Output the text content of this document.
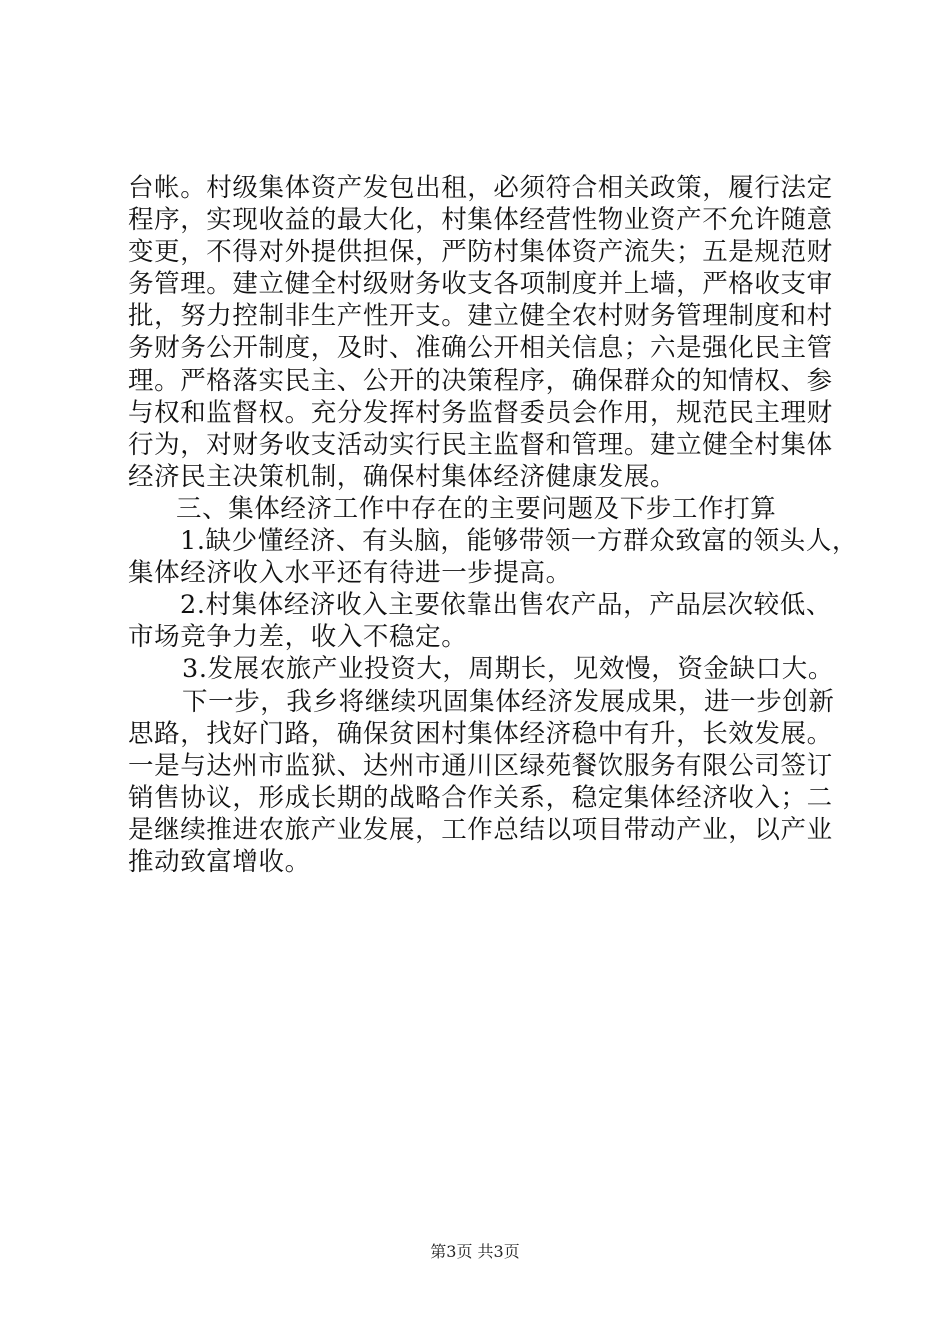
台帐。村级集体资产发包出租，必须符合相关政策，履行法定
程序，实现收益的最大化，村集体经营性物业资产不允许随意
变更，不得对外提供担保，严防村集体资产流失；五是规范财
务管理。建立健全村级财务收支各项制度并上墙，严格收支审
批，努力控制非生产性开支。建立健全农村财务管理制度和村
务财务公开制度，及时、准确公开相关信息；六是强化民主管
理。严格落实民主、公开的决策程序，确保群众的知情权、参
与权和监督权。充分发挥村务监督委员会作用，规范民主理财
行为，对财务收支活动实行民主监督和管理。建立健全村集体
经济民主决策机制，确保村集体经济健康发展。
三、集体经济工作中存在的主要问题及下步工作打算
1.缺少懂经济、有头脑，能够带领一方群众致富的领头人，
集体经济收入水平还有待进一步提高。
2.村集体经济收入主要依靠出售农产品，产品层次较低、
市场竞争力差，收入不稳定。
3.发展农旅产业投资大，周期长，见效慢，资金缺口大。
下一步，我乡将继续巩固集体经济发展成果，进一步创新
思路，找好门路，确保贫困村集体经济稳中有升，长效发展。
一是与达州市监狱、达州市通川区绿苑餐饮服务有限公司签订
销售协议，形成长期的战略合作关系，稳定集体经济收入；二
是继续推进农旅产业发展，工作总结以项目带动产业，以产业
推动致富增收。
第3页 共3页
